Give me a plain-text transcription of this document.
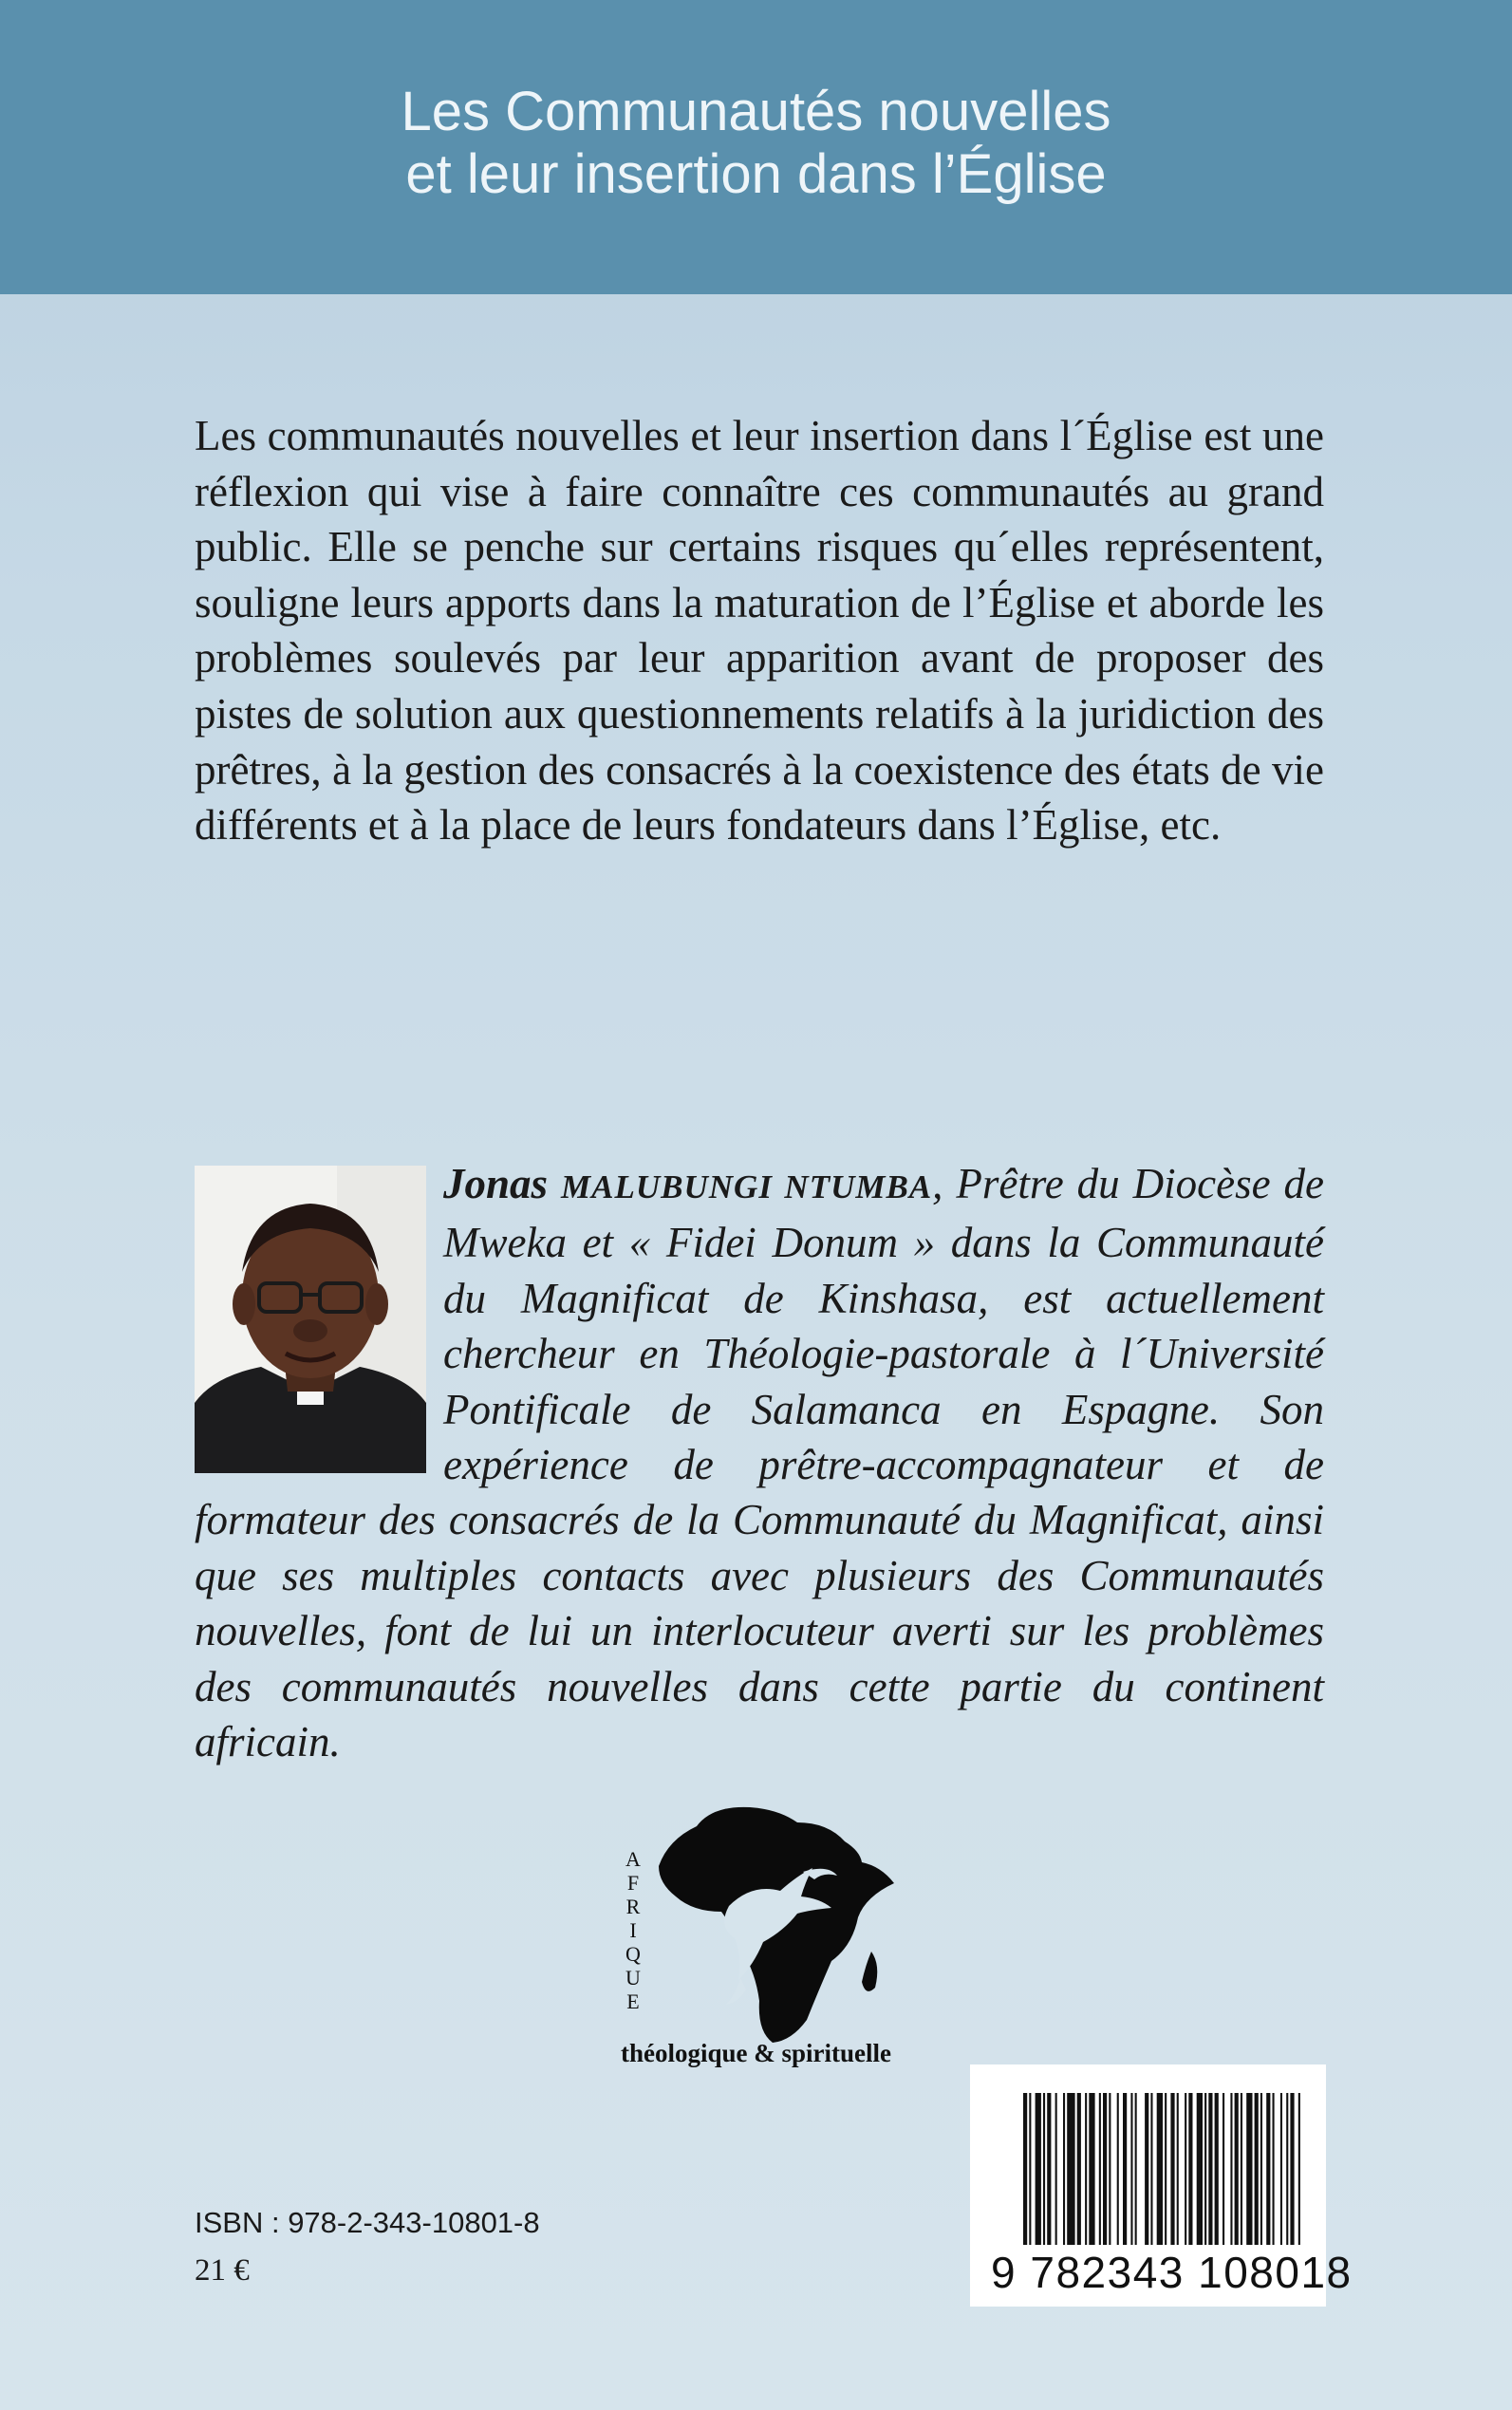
Les Communautés nouvelles
et leur insertion dans l’Église

Les communautés nouvelles et leur insertion dans l´Église est une réflexion qui vise à faire connaître ces communautés au grand public. Elle se penche sur certains risques qu´elles représentent, souligne leurs apports dans la maturation de l’Église et aborde les problèmes soulevés par leur apparition avant de proposer des pistes de solution aux questionnements relatifs à la juridiction des prêtres, à la gestion des consacrés à la coexistence des états de vie différents et à la place de leurs fondateurs dans l’Église, etc.

Jonas MALUBUNGI NTUMBA, Prêtre du Diocèse de Mweka et « Fidei Donum » dans la Communauté du Magnificat de Kinshasa, est actuellement chercheur en Théologie-pastorale à l´Université Pontificale de Salamanca en Espagne. Son expérience de prêtre-accompagnateur et de formateur des consacrés de la Communauté du Magnificat, ainsi que ses multiples contacts avec plusieurs des Communautés nouvelles, font de lui un interlocuteur averti sur les problèmes des communautés nouvelles dans cette partie du continent africain.

A
F
R
I
Q
U
E
théologique & spirituelle
ISBN : 978-2-343-10801-8
21 €	9 782343 108018
